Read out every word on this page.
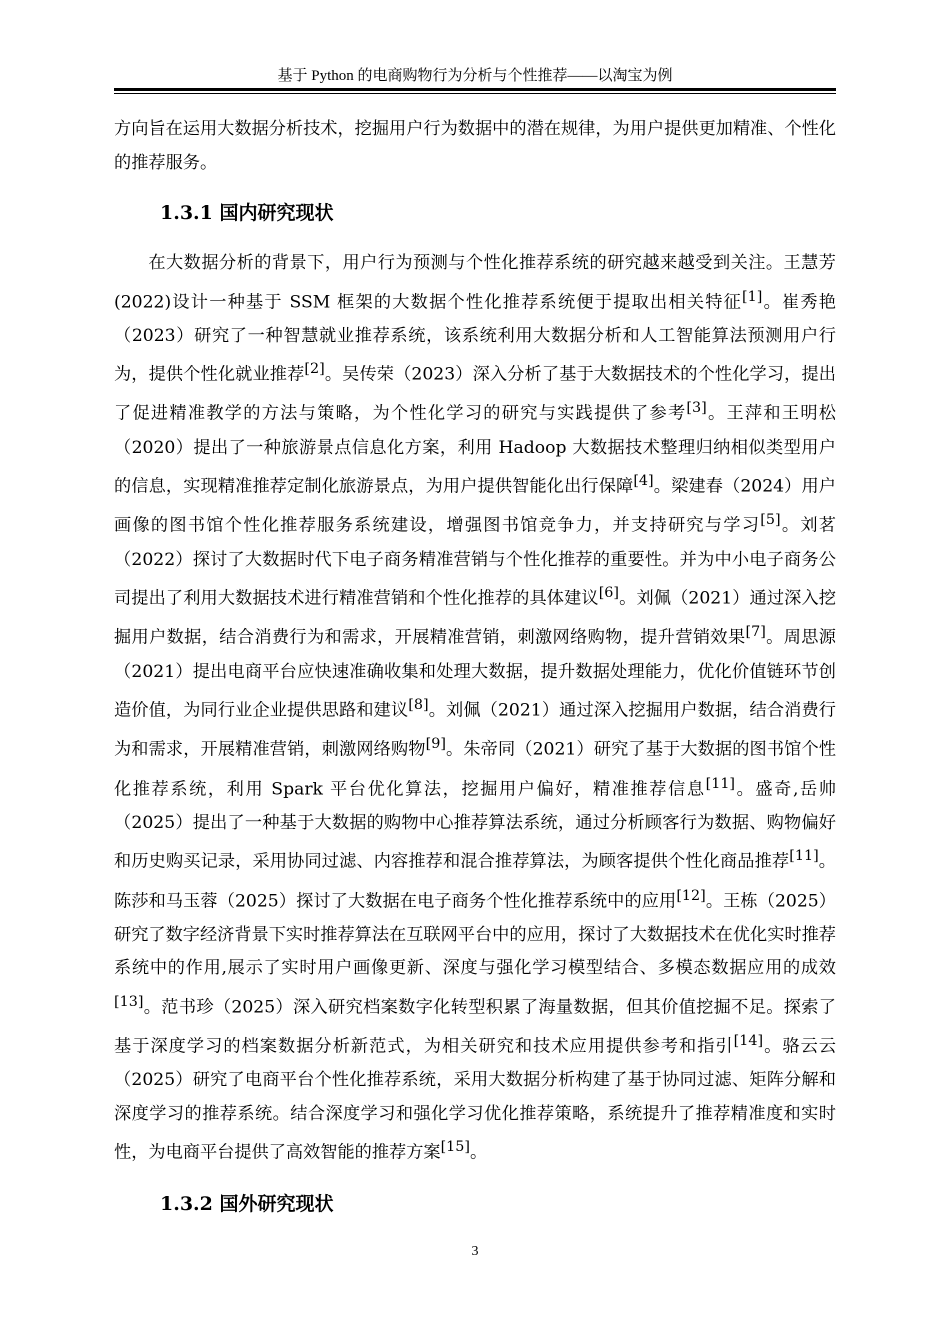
基于 Python 的电商购物行为分析与个性推荐——以淘宝为例

方向旨在运用大数据分析技术，挖掘用户行为数据中的潜在规律，为用户提供更加精准、个性化的推荐服务。

1.3.1 国内研究现状

在大数据分析的背景下，用户行为预测与个性化推荐系统的研究越来越受到关注。王慧芳(2022)设计一种基于 SSM 框架的大数据个性化推荐系统便于提取出相关特征[1]。崔秀艳（2023）研究了一种智慧就业推荐系统，该系统利用大数据分析和人工智能算法预测用户行为，提供个性化就业推荐[2]。吴传荣（2023）深入分析了基于大数据技术的个性化学习，提出了促进精准教学的方法与策略，为个性化学习的研究与实践提供了参考[3]。王萍和王明松（2020）提出了一种旅游景点信息化方案，利用 Hadoop 大数据技术整理归纳相似类型用户的信息，实现精准推荐定制化旅游景点，为用户提供智能化出行保障[4]。梁建春（2024）用户画像的图书馆个性化推荐服务系统建设，增强图书馆竞争力，并支持研究与学习[5]。刘茗（2022）探讨了大数据时代下电子商务精准营销与个性化推荐的重要性。并为中小电子商务公司提出了利用大数据技术进行精准营销和个性化推荐的具体建议[6]。刘佩（2021）通过深入挖掘用户数据，结合消费行为和需求，开展精准营销，刺激网络购物，提升营销效果[7]。周思源（2021）提出电商平台应快速准确收集和处理大数据，提升数据处理能力，优化价值链环节创造价值，为同行业企业提供思路和建议[8]。刘佩（2021）通过深入挖掘用户数据，结合消费行为和需求，开展精准营销，刺激网络购物[9]。朱帝同（2021）研究了基于大数据的图书馆个性化推荐系统，利用 Spark 平台优化算法，挖掘用户偏好，精准推荐信息[11]。盛奇,岳帅（2025）提出了一种基于大数据的购物中心推荐算法系统，通过分析顾客行为数据、购物偏好和历史购买记录，采用协同过滤、内容推荐和混合推荐算法，为顾客提供个性化商品推荐[11]。陈莎和马玉蓉（2025）探讨了大数据在电子商务个性化推荐系统中的应用[12]。王栋（2025）研究了数字经济背景下实时推荐算法在互联网平台中的应用，探讨了大数据技术在优化实时推荐系统中的作用,展示了实时用户画像更新、深度与强化学习模型结合、多模态数据应用的成效[13]。范书珍（2025）深入研究档案数字化转型积累了海量数据，但其价值挖掘不足。探索了基于深度学习的档案数据分析新范式，为相关研究和技术应用提供参考和指引[14]。骆云云（2025）研究了电商平台个性化推荐系统，采用大数据分析构建了基于协同过滤、矩阵分解和深度学习的推荐系统。结合深度学习和强化学习优化推荐策略，系统提升了推荐精准度和实时性，为电商平台提供了高效智能的推荐方案[15]。

1.3.2 国外研究现状
3
